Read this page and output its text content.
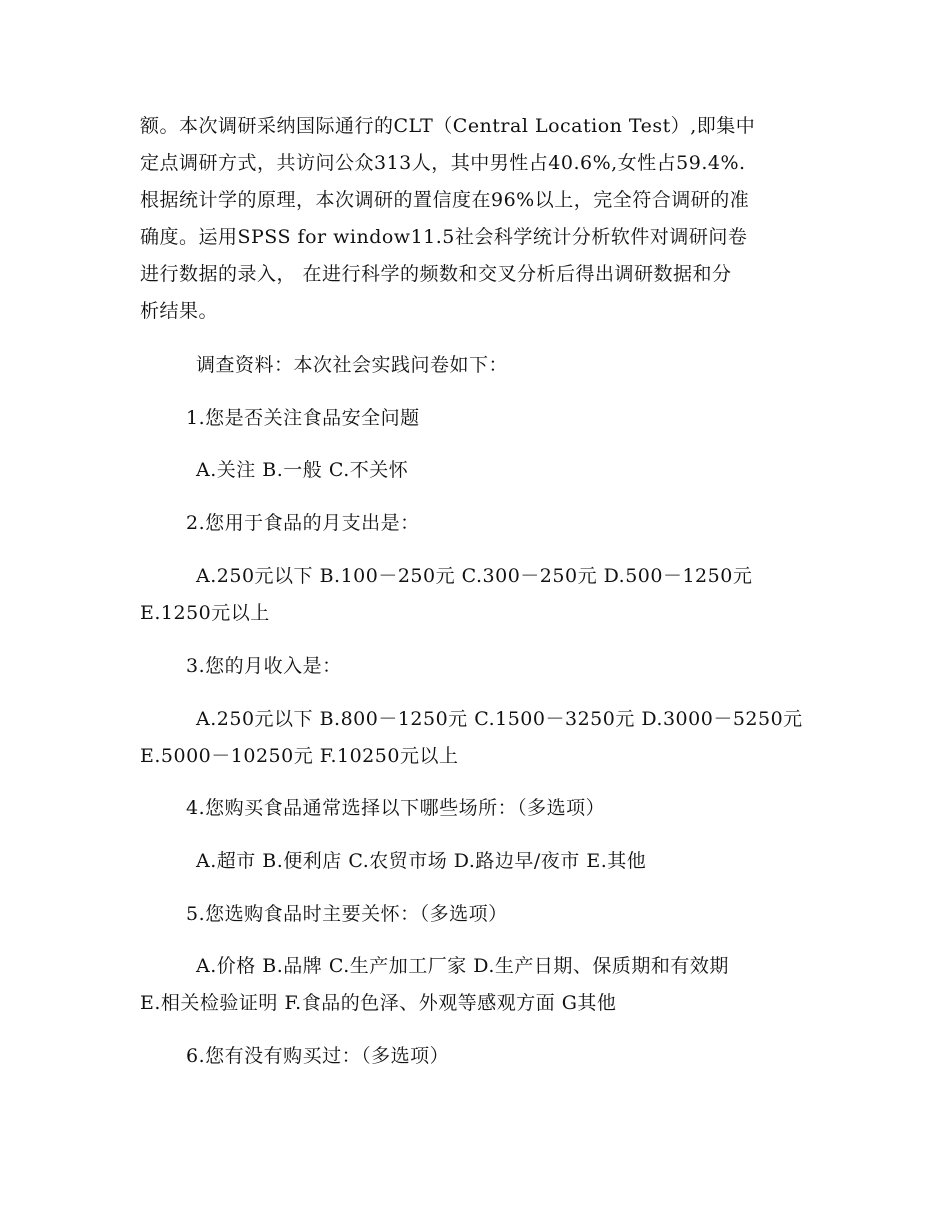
额。本次调研采纳国际通行的CLT（Central Location Test）,即集中
定点调研方式，共访问公众313人，其中男性占40.6%,女性占59.4%.
根据统计学的原理，本次调研的置信度在96%以上，完全符合调研的准
确度。运用SPSS for window11.5社会科学统计分析软件对调研问卷
进行数据的录入， 在进行科学的频数和交叉分析后得出调研数据和分
析结果。
调查资料：本次社会实践问卷如下：
1.您是否关注食品安全问题
A.关注 B.一般 C.不关怀
2.您用于食品的月支出是：
A.250元以下 B.100－250元 C.300－250元 D.500－1250元
E.1250元以上
3.您的月收入是：
A.250元以下 B.800－1250元 C.1500－3250元 D.3000－5250元
E.5000－10250元 F.10250元以上
4.您购买食品通常选择以下哪些场所：（多选项）
A.超市 B.便利店 C.农贸市场 D.路边早/夜市 E.其他
5.您选购食品时主要关怀：（多选项）
A.价格 B.品牌 C.生产加工厂家 D.生产日期、保质期和有效期
E.相关检验证明 F.食品的色泽、外观等感观方面 G其他
6.您有没有购买过：（多选项）
